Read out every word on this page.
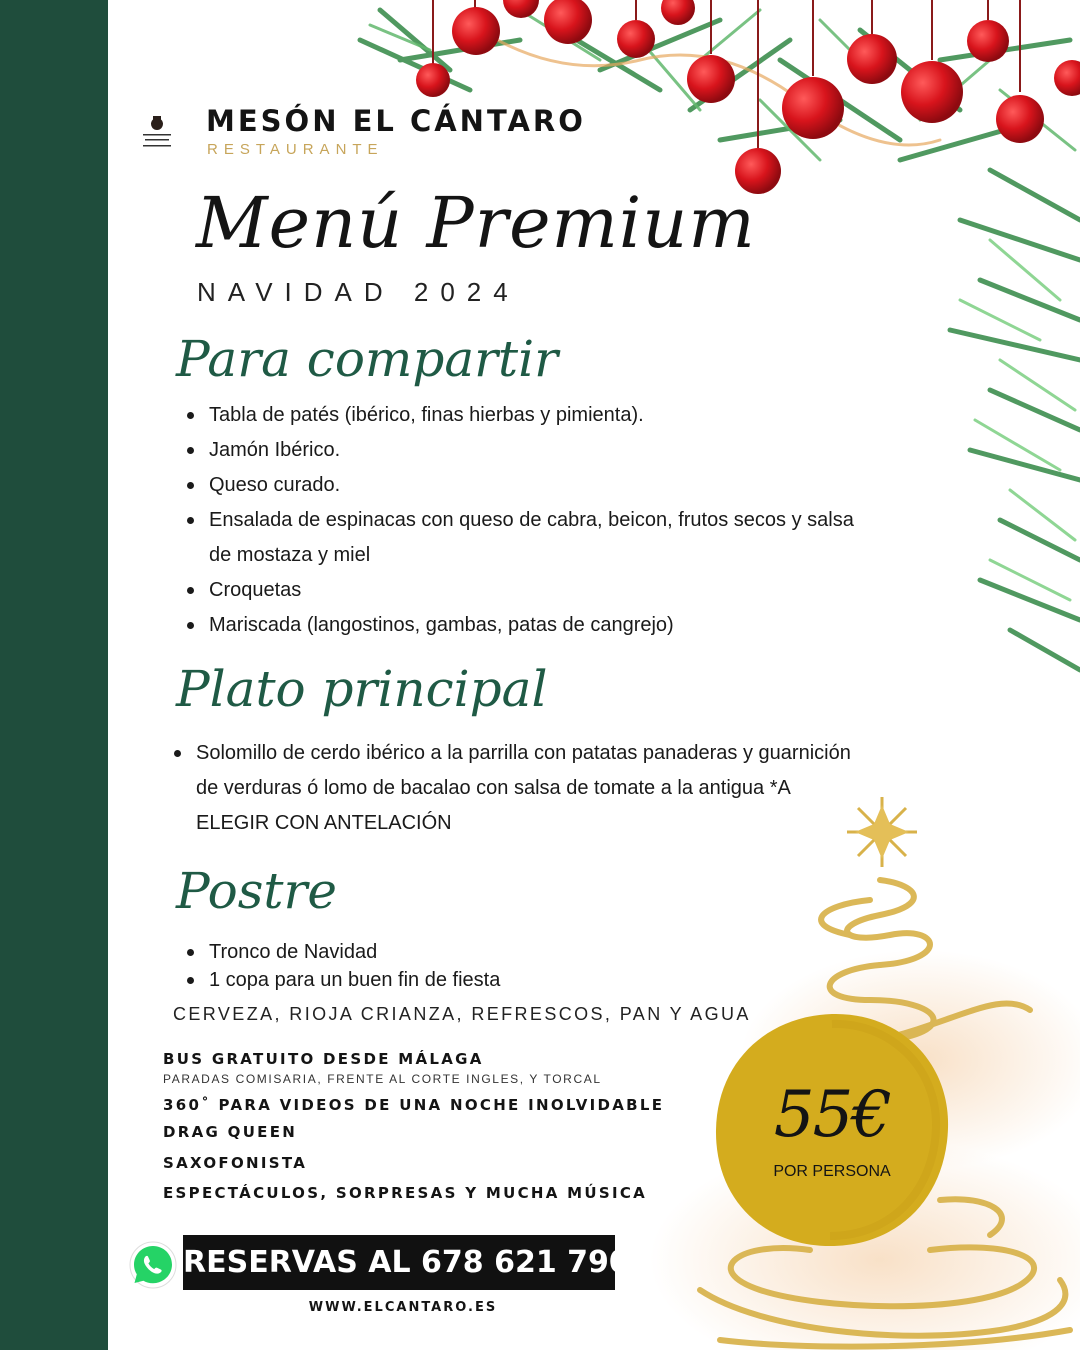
MESÓN EL CÁNTARO
RESTAURANTE
Menú Premium
NAVIDAD 2024
Para compartir
Tabla de patés (ibérico, finas hierbas y pimienta).
Jamón Ibérico.
Queso curado.
Ensalada de espinacas con queso de cabra, beicon, frutos secos y salsa de mostaza y miel
Croquetas
Mariscada (langostinos, gambas, patas de cangrejo)
Plato principal
Solomillo de cerdo ibérico a la parrilla con patatas panaderas y guarnición de verduras ó lomo de bacalao con salsa de tomate a la antigua *A ELEGIR CON ANTELACIÓN
Postre
Tronco de Navidad
1 copa para un buen fin de fiesta
CERVEZA, RIOJA CRIANZA, REFRESCOS, PAN Y AGUA
BUS GRATUITO DESDE MÁLAGA
PARADAS COMISARIA, FRENTE AL CORTE INGLES, Y TORCAL
360˚ PARA VIDEOS DE UNA NOCHE INOLVIDABLE
DRAG QUEEN
SAXOFONISTA
ESPECTÁCULOS, SORPRESAS Y MUCHA MÚSICA
55€
POR PERSONA
RESERVAS AL 678 621 790
WWW.ELCANTARO.ES
